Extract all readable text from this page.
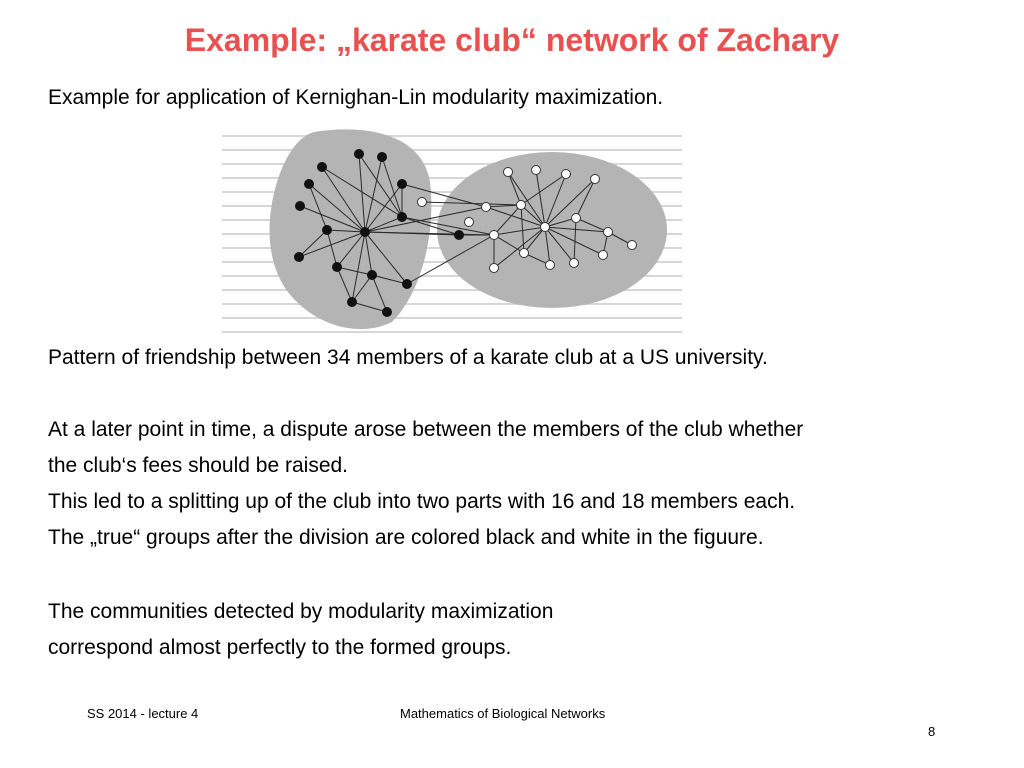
Example: „karate club“ network of Zachary
Example for application of Kernighan-Lin modularity maximization.
Pattern of friendship between 34 members of a karate club at a US university.
At a later point in time, a dispute arose between the members of the club whether
the club‘s fees should be raised.
This led to a splitting up of the club into two parts with 16 and 18 members each.
The „true“ groups after the division are colored black and white in the figuure.
The communities detected by modularity maximization
correspond almost perfectly to the formed groups.
SS 2014 - lecture 4	Mathematics of Biological Networks
8
